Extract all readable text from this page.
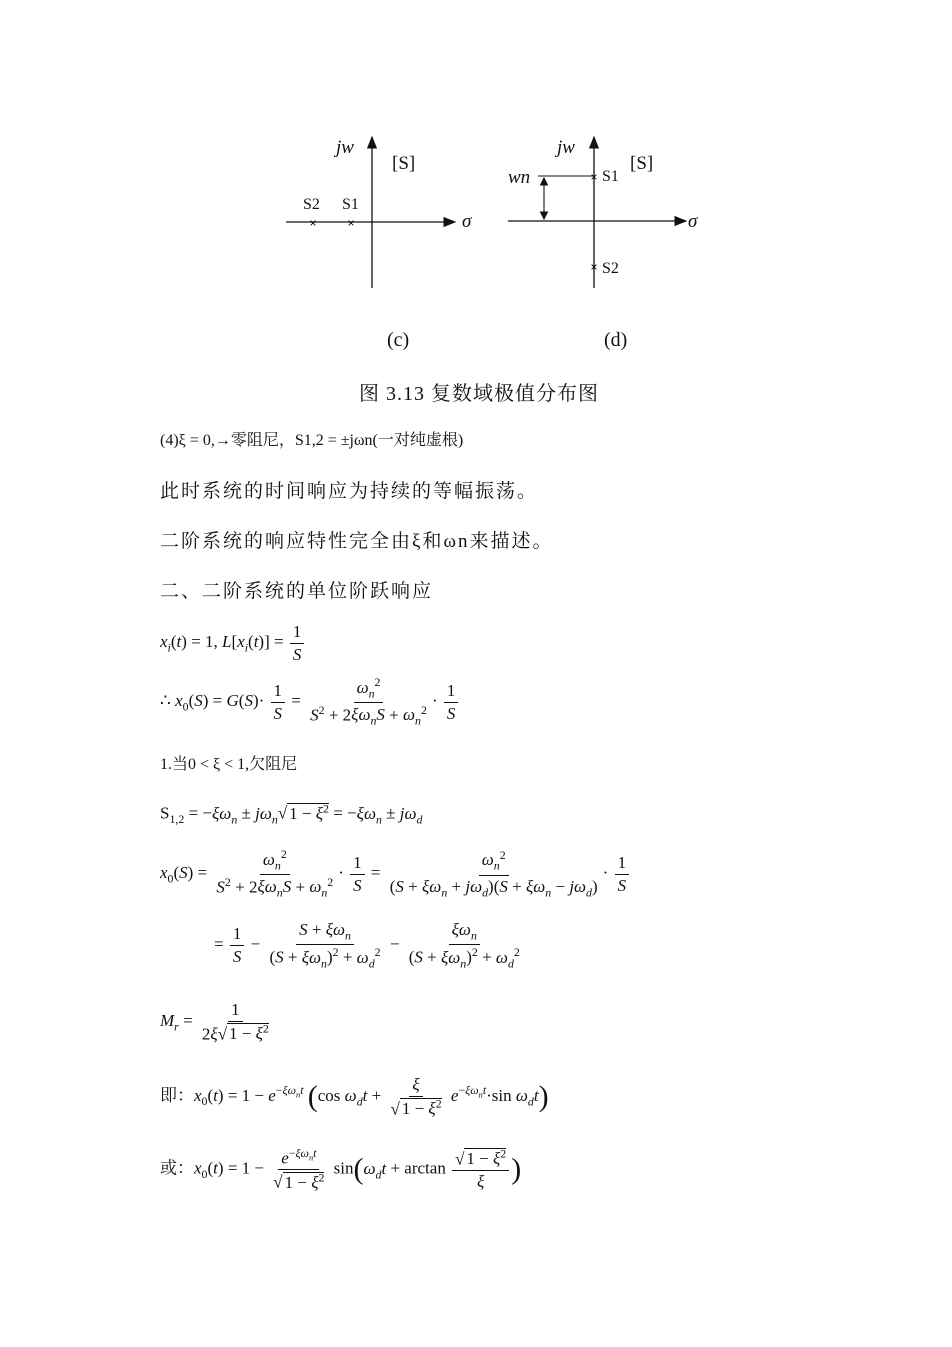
×	×
jw
[S]
S2 S1
σ
×
×
jw
[S]
wn	S1
S2
σ
(c)	(d)
图 3.13 复数域极值分布图
(4)ξ = 0,→零阻尼，S1,2 = ±jωn(一对纯虚根)
此时系统的时间响应为持续的等幅振荡。
二阶系统的响应特性完全由ξ和ωn来描述。
二、二阶系统的单位阶跃响应
$x_i(t) = 1$, $L[x_i(t)] = \frac{1}{S}$
∴ $x_0(S) = G(S)\cdot \frac{1}{S} = \frac{\omega_n^2}{S^2 + 2\xi\omega_nS + \omega_n^2} \cdot \frac{1}{S}$
1.当0 < ξ < 1,欠阻尼
$S_{1,2} = -\xi\omega_n \pm j\omega_n√$ $1 - \xi^2 = -\xi\omega_n \pm j\omega_d$
$x_0(S) = \frac{\omega_n^2}{S^2 + 2\xi\omega_nS + \omega_n^2} \cdot \frac{1}{S} = \frac{\omega_n^2}{(S + \xi\omega_n + j\omega_d)(S + \xi\omega_n - j\omega_d)} \cdot \frac{1}{S}$
= $\frac{1}{S} - \frac{S + \xi\omega_n}{(S + \xi\omega_n)^2 + \omega_d^2} - \frac{\xi\omega_n}{(S + \xi\omega_n)^2 + \omega_d^2}$
$M_r = \frac{1}{2\xi√ 1 - \xi^2}$
即：$x_0(t) = 1 - e^{-\xi\omega_nt}$ (cos $\omega_dt + \frac{\xi}{√ 1 - \xi^2} e^{-\xi\omega_nt}\cdot\sin$ $\omega_dt$)
或：$x_0(t) = 1 - \frac{e^{-\xi\omega_nt}}{√ 1 - \xi^2} \sin(\omega_dt + \arctan \frac{√ 1 - \xi^2}{\xi}$ )
